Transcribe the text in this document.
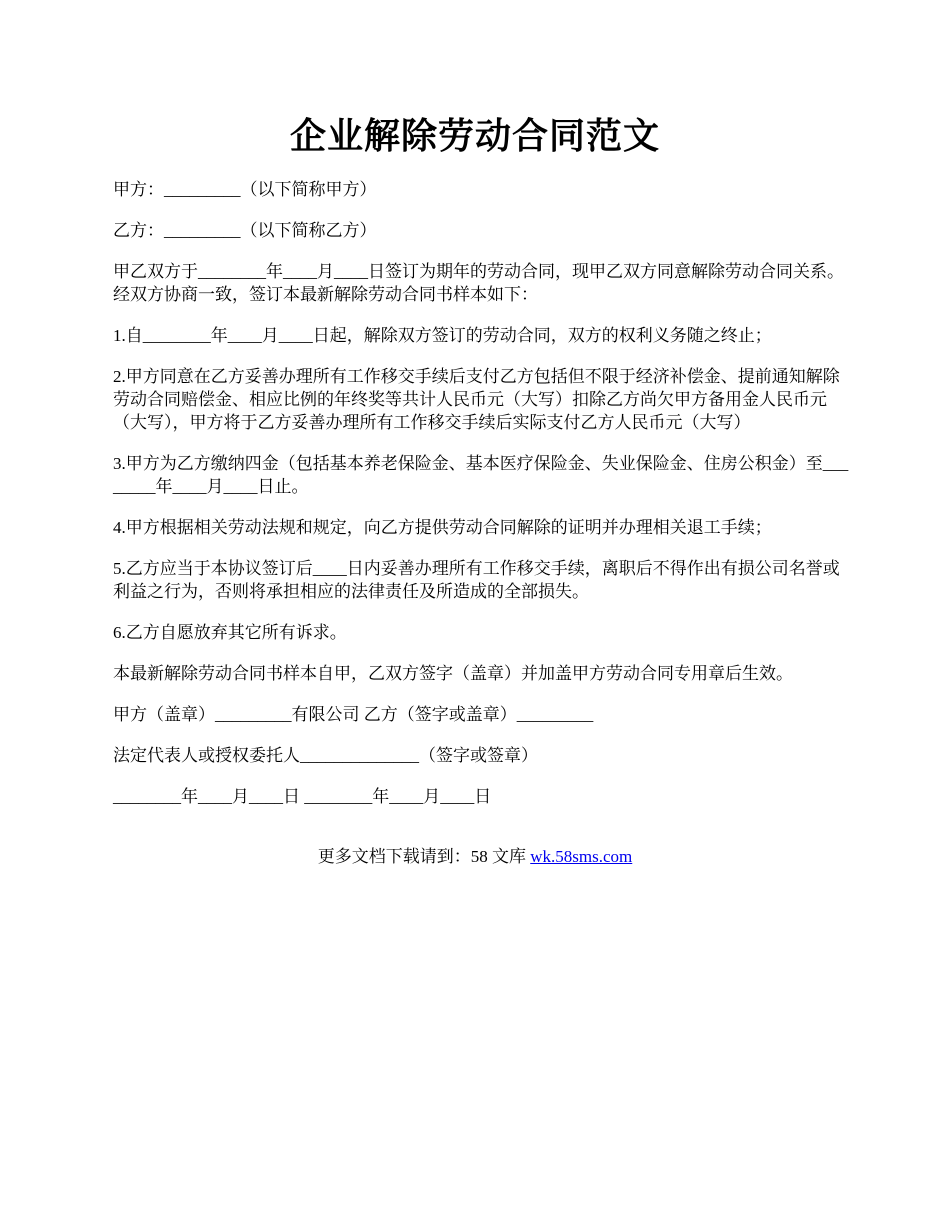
企业解除劳动合同范文

甲方：_________（以下简称甲方）

乙方：_________（以下简称乙方）

甲乙双方于________年____月____日签订为期年的劳动合同，现甲乙双方同意解除劳动合同关系。经双方协商一致，签订本最新解除劳动合同书样本如下：

1.自________年____月____日起，解除双方签订的劳动合同，双方的权利义务随之终止；

2.甲方同意在乙方妥善办理所有工作移交手续后支付乙方包括但不限于经济补偿金、提前通知解除劳动合同赔偿金、相应比例的年终奖等共计人民币元（大写）扣除乙方尚欠甲方备用金人民币元（大写），甲方将于乙方妥善办理所有工作移交手续后实际支付乙方人民币元（大写）

3.甲方为乙方缴纳四金（包括基本养老保险金、基本医疗保险金、失业保险金、住房公积金）至________年____月____日止。

4.甲方根据相关劳动法规和规定，向乙方提供劳动合同解除的证明并办理相关退工手续；

5.乙方应当于本协议签订后____日内妥善办理所有工作移交手续，离职后不得作出有损公司名誉或利益之行为，否则将承担相应的法律责任及所造成的全部损失。

6.乙方自愿放弃其它所有诉求。

本最新解除劳动合同书样本自甲，乙双方签字（盖章）并加盖甲方劳动合同专用章后生效。

甲方（盖章）_________有限公司 乙方（签字或盖章）_________

法定代表人或授权委托人______________（签字或签章）

________年____月____日 ________年____月____日

更多文档下载请到：58 文库 wk.58sms.com
